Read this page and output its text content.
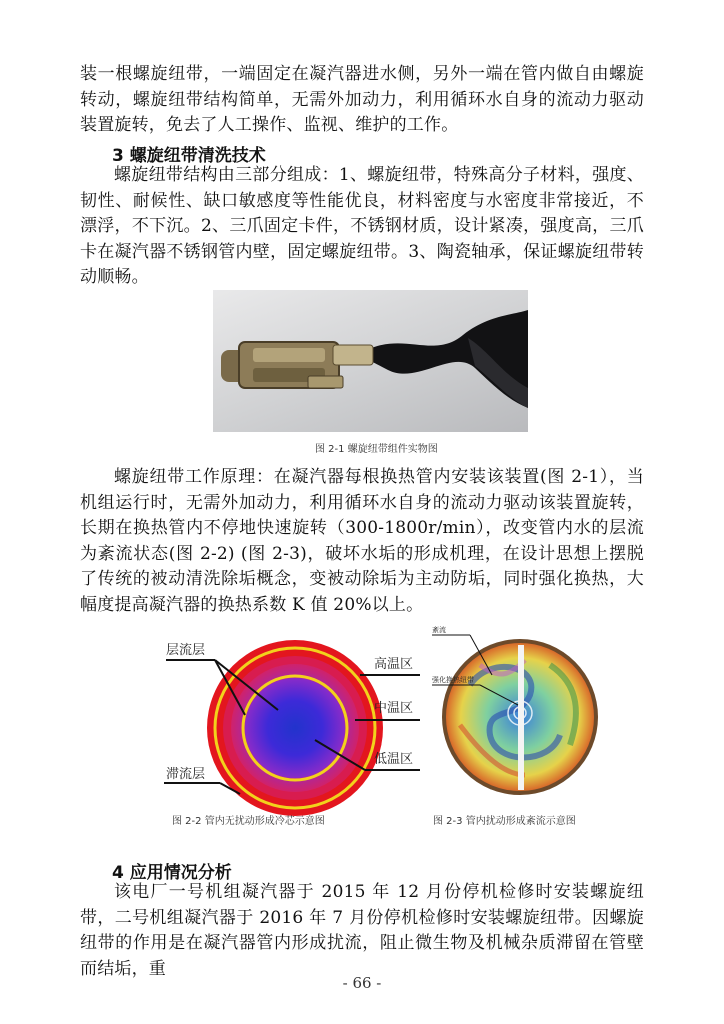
装一根螺旋纽带，一端固定在凝汽器进水侧，另外一端在管内做自由螺旋转动，螺旋纽带结构简单，无需外加动力，利用循环水自身的流动力驱动装置旋转，免去了人工操作、监视、维护的工作。

3 螺旋纽带清洗技术

螺旋纽带结构由三部分组成：1、螺旋纽带，特殊高分子材料，强度、韧性、耐候性、缺口敏感度等性能优良，材料密度与水密度非常接近，不漂浮，不下沉。2、三爪固定卡件，不锈钢材质，设计紧凑，强度高，三爪卡在凝汽器不锈钢管内壁，固定螺旋纽带。3、陶瓷轴承，保证螺旋纽带转动顺畅。

图 2-1 螺旋纽带组件实物图

螺旋纽带工作原理：在凝汽器每根换热管内安装该装置(图 2-1），当机组运行时，无需外加动力，利用循环水自身的流动力驱动该装置旋转，长期在换热管内不停地快速旋转（300-1800r/min），改变管内水的层流为紊流状态(图 2-2) (图 2-3)，破坏水垢的形成机理，在设计思想上摆脱了传统的被动清洗除垢概念，变被动除垢为主动防垢，同时强化换热，大幅度提高凝汽器的换热系数 K 值 20%以上。

层流层
滞流层
高温区
中温区
低温区
图 2-2 管内无扰动形成冷芯示意图
紊流
强化换热纽带
图 2-3 管内扰动形成紊流示意图

4 应用情况分析

该电厂一号机组凝汽器于 2015 年 12 月份停机检修时安装螺旋纽带，二号机组凝汽器于 2016 年 7 月份停机检修时安装螺旋纽带。因螺旋纽带的作用是在凝汽器管内形成扰流，阻止微生物及机械杂质滞留在管壁而结垢，重

- 66 -
